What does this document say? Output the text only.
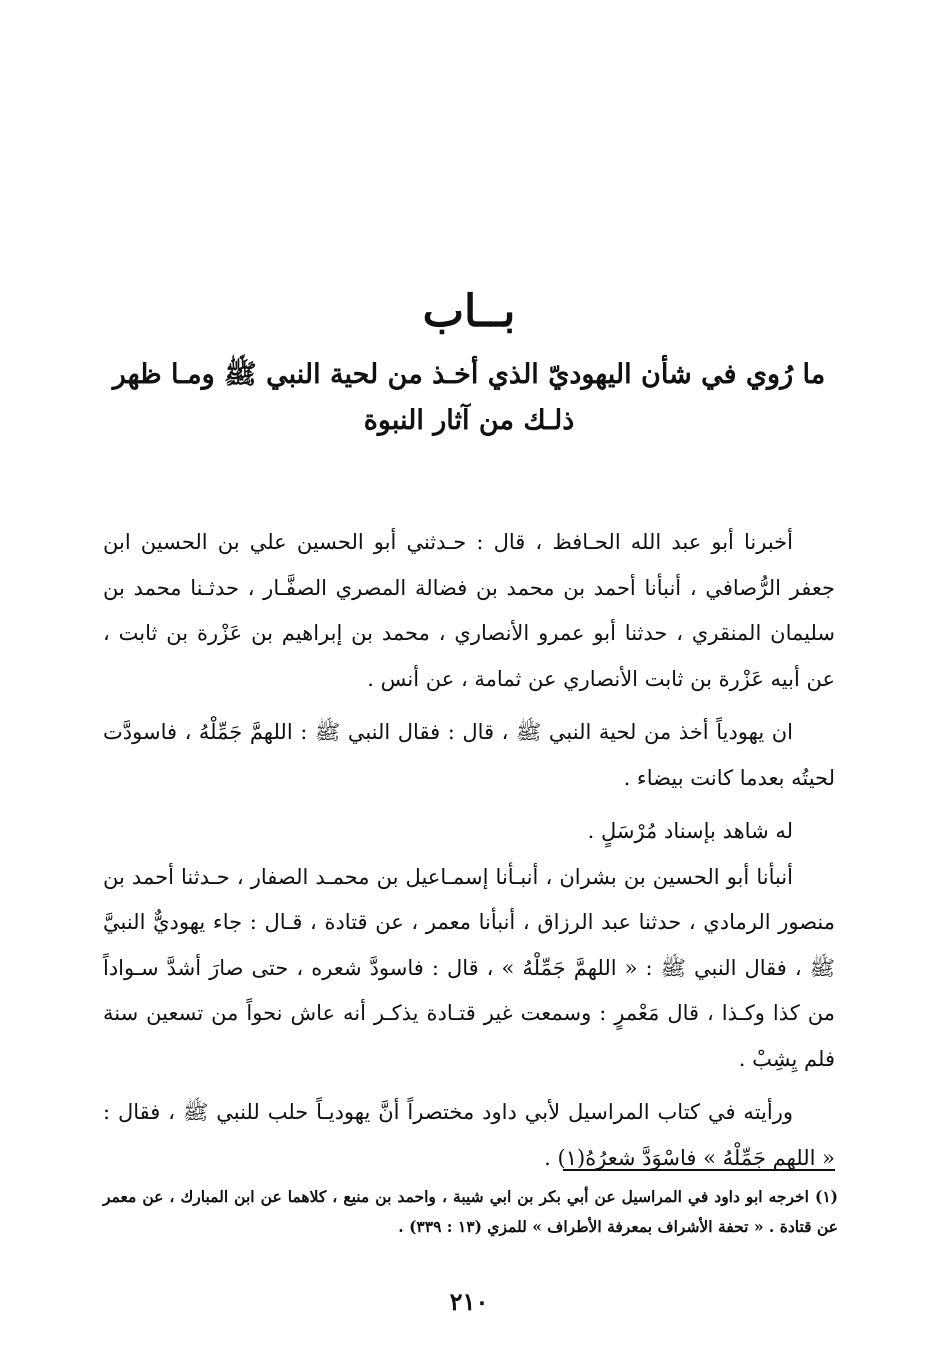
بــاب
ما رُوي في شأن اليهوديّ الذي أخـذ من لحية النبي ﷺ ومـا ظهر ذلـك من آثار النبوة

أخبرنا أبو عبد الله الحـافظ ، قال : حـدثني أبو الحسين علي بن الحسين ابن جعفر الرُّصافي ، أنبأنا أحمد بن محمد بن فضالة المصري الصفَّـار ، حدثـنا محمد بن سليمان المنقري ، حدثنا أبو عمرو الأنصاري ، محمد بن إبراهيم بن عَزْرة بن ثابت ، عن أبيه عَزْرة بن ثابت الأنصاري عن ثمامة ، عن أنس .

ان يهودياً أخذ من لحية النبي ﷺ ، قال : فقال النبي ﷺ : اللهمَّ جَمِّلْهُ ، فاسودَّت لحيتُه بعدما كانت بيضاء .

له شاهد بإسناد مُرْسَلٍ .

أنبأنا أبو الحسين بن بشران ، أنبـأنا إسمـاعيل بن محمـد الصفار ، حـدثنا أحمد بن منصور الرمادي ، حدثنا عبد الرزاق ، أنبأنا معمر ، عن قتادة ، قـال : جاء يهوديٌّ النبيَّ ﷺ ، فقال النبي ﷺ : « اللهمَّ جَمِّلْهُ » ، قال : فاسودَّ شعره ، حتى صارَ أشدَّ سـواداً من كذا وكـذا ، قال مَعْمرٍ : وسمعت غير قتـادة يذكـر أنه عاش نحواً من تسعين سنة فلم يِشِبْ .

ورأيته في كتاب المراسيل لأبي داود مختصراً أنَّ يهوديـاً حلب للنبي ﷺ ، فقال : « اللهم جَمِّلْهُ » فاسْوَدَّ شعرُهُ(١) .

(١) اخرجه ابو داود في المراسيل عن أبي بكر بن ابي شيبة ، واحمد بن منيع ، كلاهما عن ابن المبارك ، عن معمر عن قتادة . « تحفة الأشراف بمعرفة الأطراف » للمزي (١٣ : ٣٣٩) .
٢١٠
